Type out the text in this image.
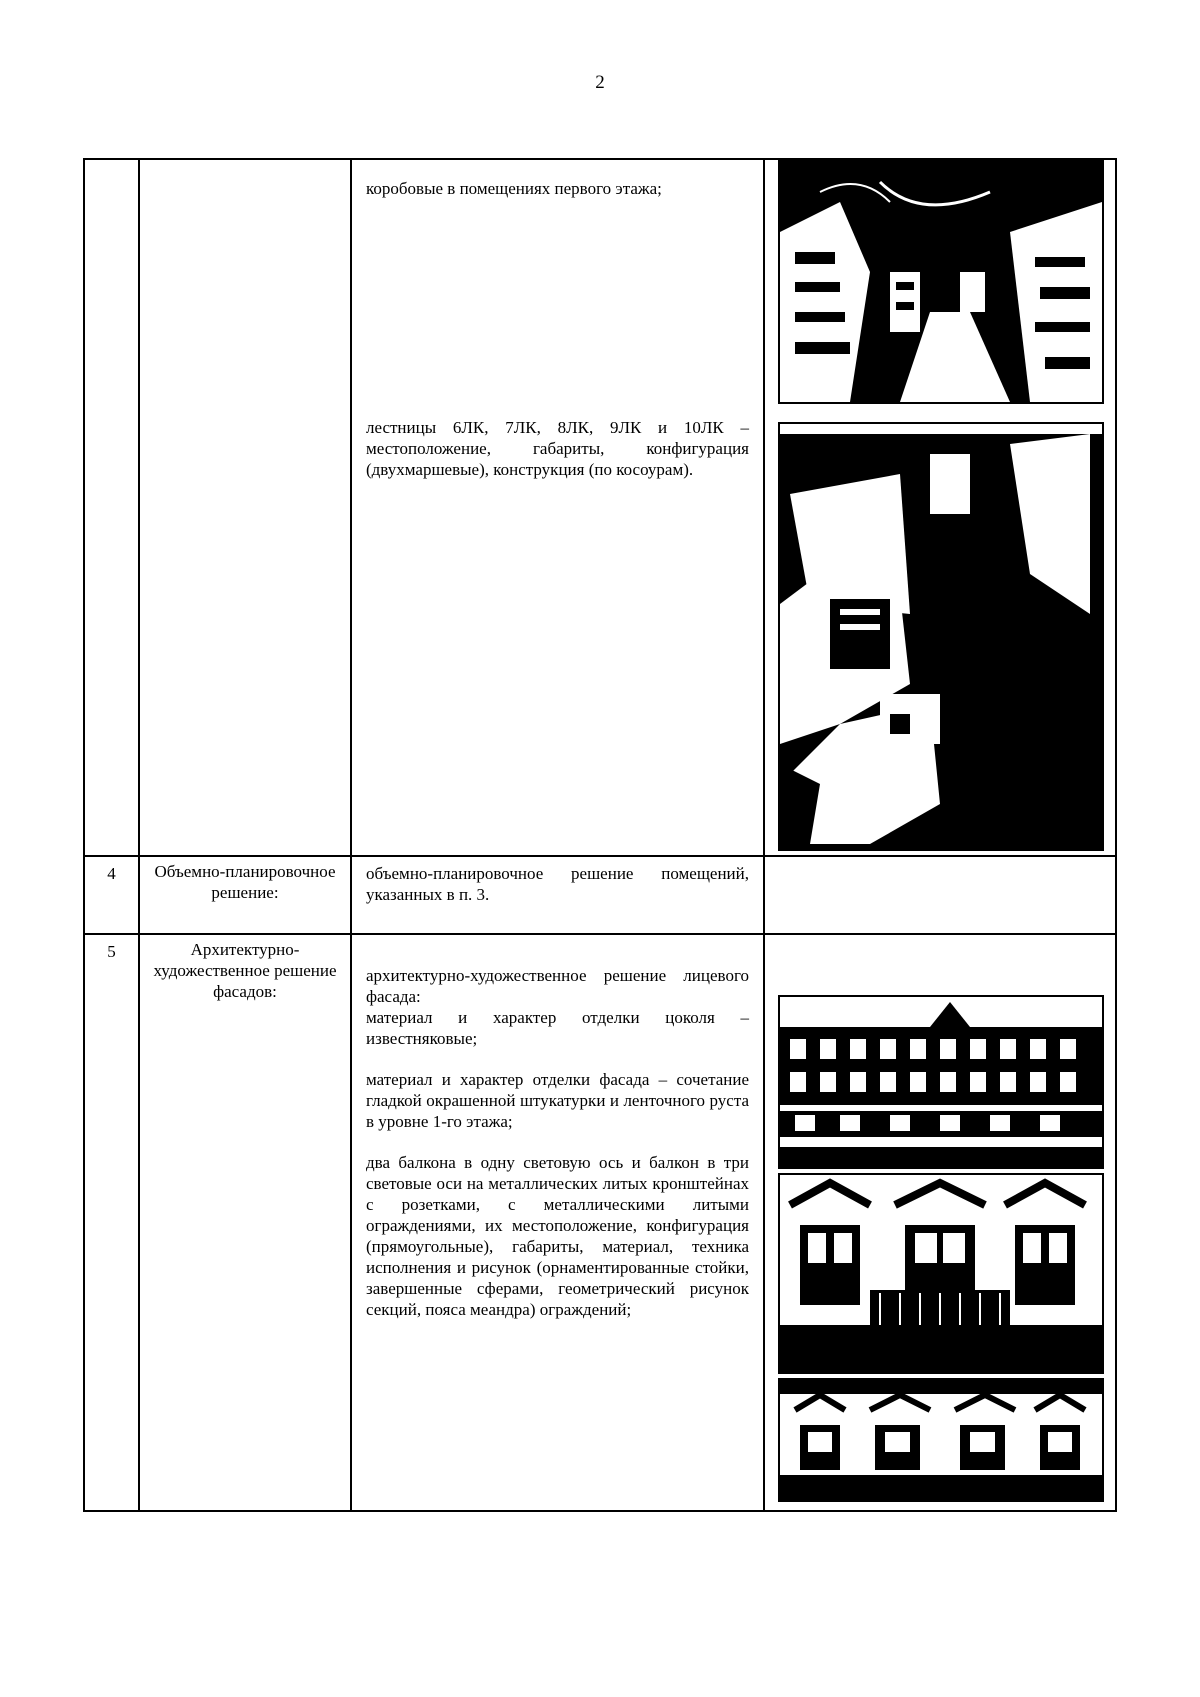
2

		коробовые в помещениях первого этажа;

лестницы 6ЛК, 7ЛК, 8ЛК, 9ЛК и 10ЛК – местоположение, габариты, конфигурация (двухмаршевые), конструкция (по косоурам).

4	Объемно-планировочное решение:	объемно-планировочное решение помещений, указанных в п. 3.	

5	Архитектурно-художественное решение фасадов:	архитектурно-художественное решение лицевого фасада:

материал и характер отделки цоколя – известняковые;

материал и характер отделки фасада – сочетание гладкой окрашенной штукатурки и ленточного руста в уровне 1-го этажа;

два балкона в одну световую ось и балкон в три световые оси на металлических литых кронштейнах с розетками, с металлическими литыми ограждениями, их местоположение, конфигурация (прямоугольные), габариты, материал, техника исполнения и рисунок (орнаментированные стойки, завершенные сферами, геометрический рисунок секций, пояса меандра) ограждений;
